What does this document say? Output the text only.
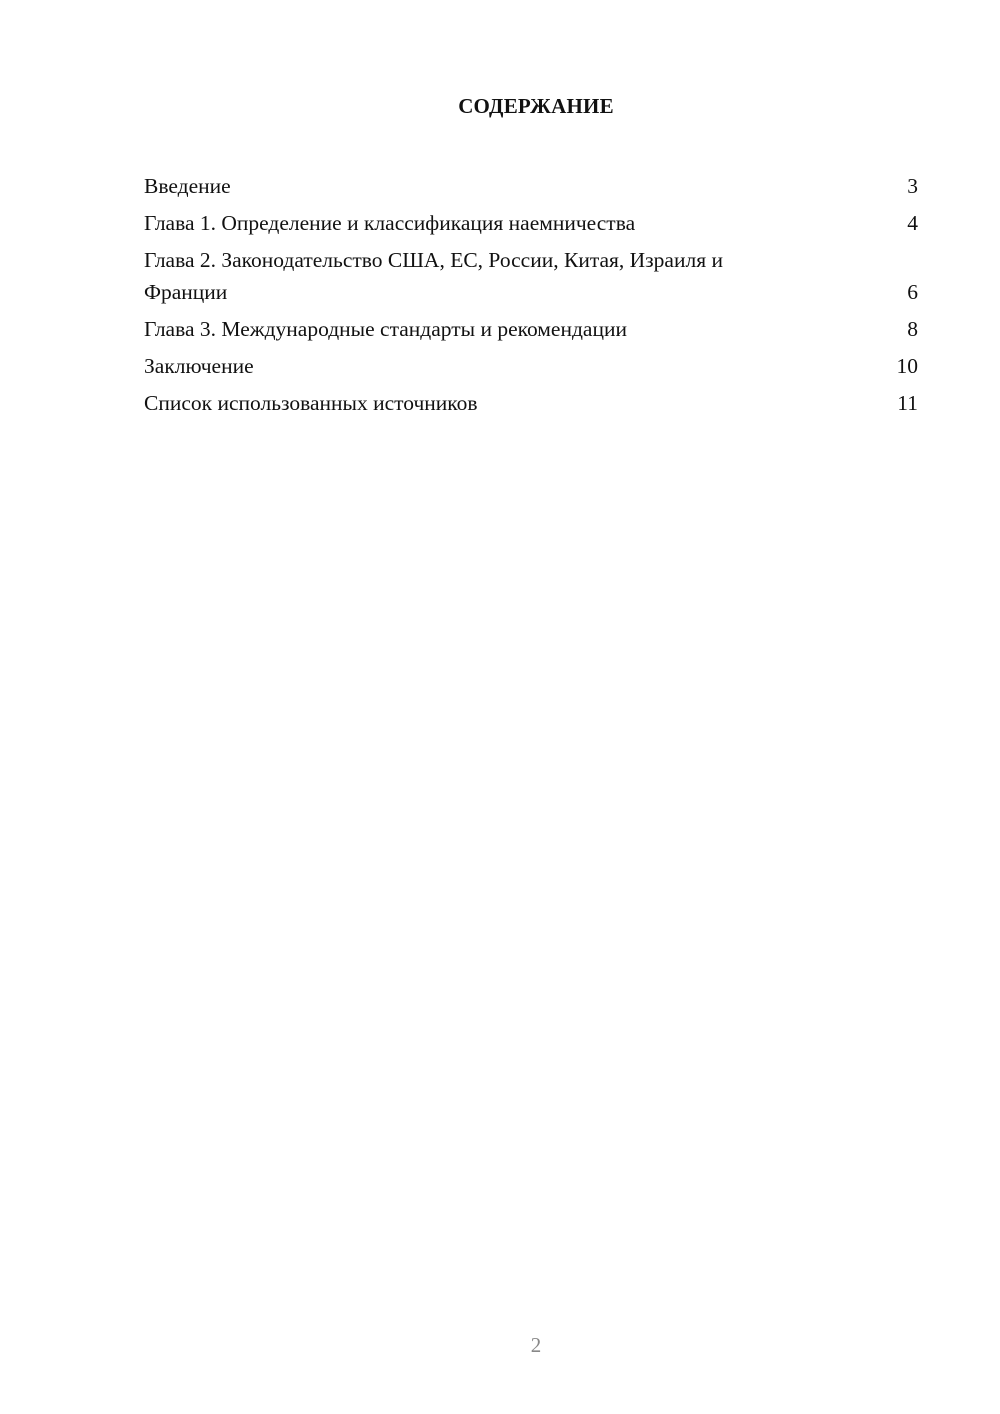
СОДЕРЖАНИЕ
Введение	3
Глава 1. Определение и классификация наемничества	4
Глава 2. Законодательство США, ЕС, России, Китая, Израиля и Франции	6
Глава 3. Международные стандарты и рекомендации	8
Заключение	10
Список использованных источников	11
2
